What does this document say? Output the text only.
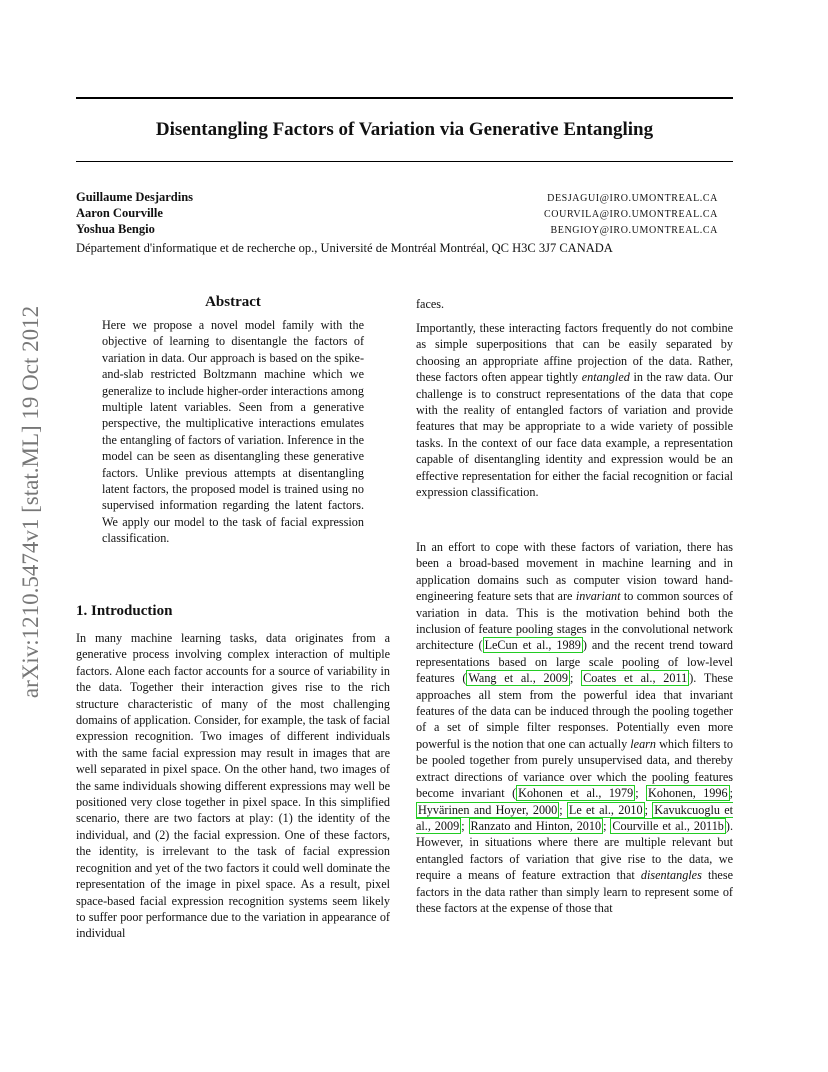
arXiv:1210.5474v1 [stat.ML] 19 Oct 2012
Disentangling Factors of Variation via Generative Entangling
Guillaume Desjardins	DESJAGUI@IRO.UMONTREAL.CA
Aaron Courville	COURVILA@IRO.UMONTREAL.CA
Yoshua Bengio	BENGIOY@IRO.UMONTREAL.CA
Département d'informatique et de recherche op., Université de Montréal Montréal, QC H3C 3J7 CANADA
Abstract
Here we propose a novel model family with the objective of learning to disentangle the factors of variation in data. Our approach is based on the spike-and-slab restricted Boltzmann machine which we generalize to include higher-order interactions among multiple latent variables. Seen from a generative perspective, the multiplicative interactions emulates the entangling of factors of variation. Inference in the model can be seen as disentangling these generative factors. Unlike previous attempts at disentangling latent factors, the proposed model is trained using no supervised information regarding the latent factors. We apply our model to the task of facial expression classification.
1. Introduction
In many machine learning tasks, data originates from a generative process involving complex interaction of multiple factors. Alone each factor accounts for a source of variability in the data. Together their interaction gives rise to the rich structure characteristic of many of the most challenging domains of application. Consider, for example, the task of facial expression recognition. Two images of different individuals with the same facial expression may result in images that are well separated in pixel space. On the other hand, two images of the same individuals showing different expressions may well be positioned very close together in pixel space. In this simplified scenario, there are two factors at play: (1) the identity of the individual, and (2) the facial expression. One of these factors, the identity, is irrelevant to the task of facial expression recognition and yet of the two factors it could well dominate the representation of the image in pixel space. As a result, pixel space-based facial expression recognition systems seem likely to suffer poor performance due to the variation in appearance of individual
faces.

Importantly, these interacting factors frequently do not combine as simple superpositions that can be easily separated by choosing an appropriate affine projection of the data. Rather, these factors often appear tightly entangled in the raw data. Our challenge is to construct representations of the data that cope with the reality of entangled factors of variation and provide features that may be appropriate to a wide variety of possible tasks. In the context of our face data example, a representation capable of disentangling identity and expression would be an effective representation for either the facial recognition or facial expression classification.

In an effort to cope with these factors of variation, there has been a broad-based movement in machine learning and in application domains such as computer vision toward hand-engineering feature sets that are invariant to common sources of variation in data. This is the motivation behind both the inclusion of feature pooling stages in the convolutional network architecture ( LeCun et al., 1989 ) and the recent trend toward representations based on large scale pooling of low-level features ( Wang et al., 2009 ; Coates et al., 2011 ). These approaches all stem from the powerful idea that invariant features of the data can be induced through the pooling together of a set of simple filter responses. Potentially even more powerful is the notion that one can actually learn which filters to be pooled together from purely unsupervised data, and thereby extract directions of variance over which the pooling features become invariant ( Kohonen et al., 1979 ; Kohonen, 1996 ; Hyvärinen and Hoyer, 2000 ; Le et al., 2010 ; Kavukcuoglu et al., 2009 ; Ranzato and Hinton, 2010 ; Courville et al., 2011b ). However, in situations where there are multiple relevant but entangled factors of variation that give rise to the data, we require a means of feature extraction that disentangles these factors in the data rather than simply learn to represent some of these factors at the expense of those that
